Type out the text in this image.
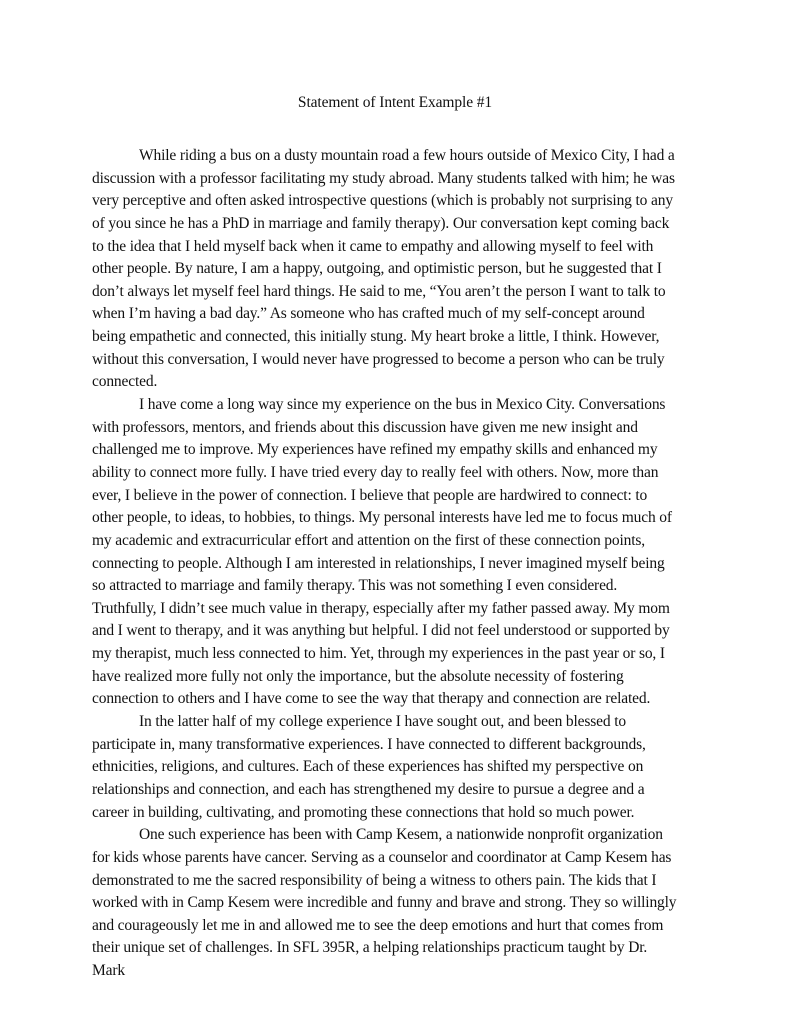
Statement of Intent Example #1
While riding a bus on a dusty mountain road a few hours outside of Mexico City, I had a
discussion with a professor facilitating my study abroad. Many students talked with him; he was
very perceptive and often asked introspective questions (which is probably not surprising to any
of you since he has a PhD in marriage and family therapy). Our conversation kept coming back
to the idea that I held myself back when it came to empathy and allowing myself to feel with
other people. By nature, I am a happy, outgoing, and optimistic person, but he suggested that I
don’t always let myself feel hard things. He said to me, “You aren’t the person I want to talk to
when I’m having a bad day.” As someone who has crafted much of my self-concept around
being empathetic and connected, this initially stung. My heart broke a little, I think. However,
without this conversation, I would never have progressed to become a person who can be truly
connected.
I have come a long way since my experience on the bus in Mexico City. Conversations
with professors, mentors, and friends about this discussion have given me new insight and
challenged me to improve. My experiences have refined my empathy skills and enhanced my
ability to connect more fully. I have tried every day to really feel with others. Now, more than
ever, I believe in the power of connection. I believe that people are hardwired to connect: to
other people, to ideas, to hobbies, to things. My personal interests have led me to focus much of
my academic and extracurricular effort and attention on the first of these connection points,
connecting to people. Although I am interested in relationships, I never imagined myself being
so attracted to marriage and family therapy. This was not something I even considered.
Truthfully, I didn’t see much value in therapy, especially after my father passed away. My mom
and I went to therapy, and it was anything but helpful. I did not feel understood or supported by
my therapist, much less connected to him. Yet, through my experiences in the past year or so, I
have realized more fully not only the importance, but the absolute necessity of fostering
connection to others and I have come to see the way that therapy and connection are related.
In the latter half of my college experience I have sought out, and been blessed to
participate in, many transformative experiences. I have connected to different backgrounds,
ethnicities, religions, and cultures. Each of these experiences has shifted my perspective on
relationships and connection, and each has strengthened my desire to pursue a degree and a
career in building, cultivating, and promoting these connections that hold so much power.
One such experience has been with Camp Kesem, a nationwide nonprofit organization
for kids whose parents have cancer. Serving as a counselor and coordinator at Camp Kesem has
demonstrated to me the sacred responsibility of being a witness to others pain. The kids that I
worked with in Camp Kesem were incredible and funny and brave and strong. They so willingly
and courageously let me in and allowed me to see the deep emotions and hurt that comes from
their unique set of challenges. In SFL 395R, a helping relationships practicum taught by Dr.
Mark
